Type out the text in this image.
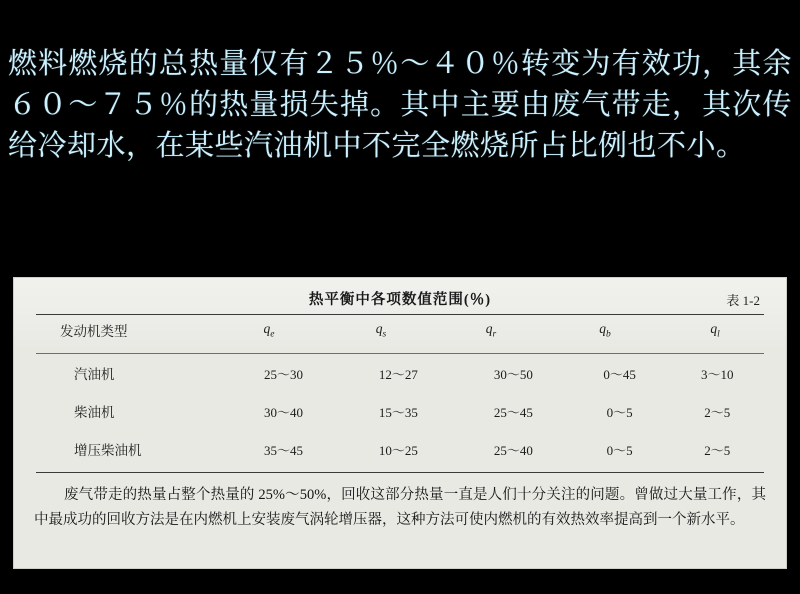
燃料燃烧的总热量仅有２５％～４０％转变为有效功，其余６０～７５％的热量损失掉。其中主要由废气带走，其次传给冷却水，在某些汽油机中不完全燃烧所占比例也不小。
热平衡中各项数值范围(％)	表 1-2
发动机类型	$q_e$	$q_s$	$q_r$	$q_b$	$q_l$
汽油机	25～30	12～27	30～50	0～45	3～10
柴油机	30～40	15～35	25～45	0～5	2～5
增压柴油机	35～45	10～25	25～40	0～5	2～5

废气带走的热量占整个热量的 25%～50%，回收这部分热量一直是人们十分关注的问题。曾做过大量工作，其中最成功的回收方法是在内燃机上安装废气涡轮增压器，这种方法可使内燃机的有效热效率提高到一个新水平。
